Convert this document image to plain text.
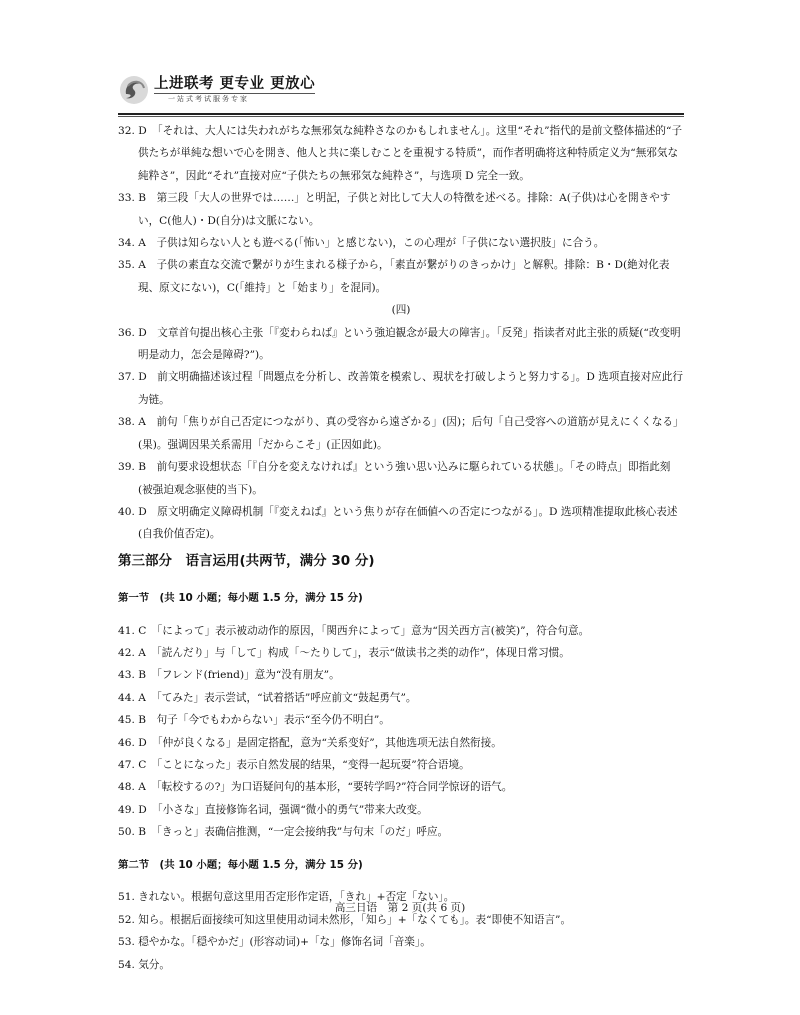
上进联考 更专业 更放心
一站式考试服务专家

32. D　「それは、大人には失われがちな無邪気な純粋さなのかもしれません」。这里“それ”指代的是前文整体描述的“子供たちが単純な想いで心を開き、他人と共に楽しむことを重視する特质”，而作者明确将这种特质定义为“無邪気な純粋さ”，因此“それ”直接对应“子供たちの無邪気な純粋さ”，与选项 D 完全一致。

33. B　第三段「大人の世界では……」と明記，子供と対比して大人の特徴を述べる。排除：A(子供)は心を開きやすい，C(他人)・D(自分)は文脈にない。

34. A　子供は知らない人とも遊べる(「怖い」と感じない)，この心理が「子供にない選択肢」に合う。

35. A　子供の素直な交流で繋がりが生まれる様子から，「素直が繋がりのきっかけ」と解釈。排除：B・D(絶対化表現、原文にない)，C(「維持」と「始まり」を混同)。

(四)

36. D　文章首句提出核心主张「『変わらねば』という強迫観念が最大の障害」。「反発」指读者对此主张的质疑(“改变明明是动力，怎会是障碍?”)。

37. D　前文明确描述该过程「問題点を分析し、改善策を模索し、現状を打破しようと努力する」。D 选项直接对应此行为链。

38. A　前句「焦りが自己否定につながり、真の受容から遠ざかる」(因)；后句「自己受容への道筋が見えにくくなる」(果)。强调因果关系需用「だからこそ」(正因如此)。

39. B　前句要求设想状态「『自分を変えなければ』という強い思い込みに駆られている状態」。「その時点」即指此刻(被强迫观念驱使的当下)。

40. D　原文明确定义障碍机制「『変えねば』という焦りが存在価値への否定につながる」。D 选项精准提取此核心表述(自我价值否定)。

第三部分　语言运用(共两节，满分 30 分)

第一节　(共 10 小题；每小题 1.5 分，满分 15 分)

41. C　「によって」表示被动动作的原因，「関西弁によって」意为“因关西方言(被笑)”，符合句意。

42. A　「読んだり」与「して」构成「～たりして」，表示“做读书之类的动作”，体现日常习惯。

43. B　「フレンド(friend)」意为“没有朋友”。

44. A　「てみた」表示尝试，“试着搭话”呼应前文“鼓起勇气”。

45. B　句子「今でもわからない」表示“至今仍不明白”。

46. D　「仲が良くなる」是固定搭配，意为“关系变好”，其他选项无法自然衔接。

47. C　「ことになった」表示自然发展的结果，“变得一起玩耍”符合语境。

48. A　「転校するの?」为口语疑问句的基本形，“要转学吗?”符合同学惊讶的语气。

49. D　「小さな」直接修饰名词，强调“微小的勇气”带来大改变。

50. B　「きっと」表确信推测，“一定会接纳我”与句末「のだ」呼应。

第二节　(共 10 小题；每小题 1.5 分，满分 15 分)

51. きれない。根据句意这里用否定形作定语，「きれ」+否定「ない」。

52. 知ら。根据后面接续可知这里使用动词未然形，「知ら」+「なくても」。表“即使不知语言”。

53. 穏やかな。「穏やかだ」(形容动词)+「な」修饰名词「音楽」。

54. 気分。

高三日语　第 2 页(共 6 页)
